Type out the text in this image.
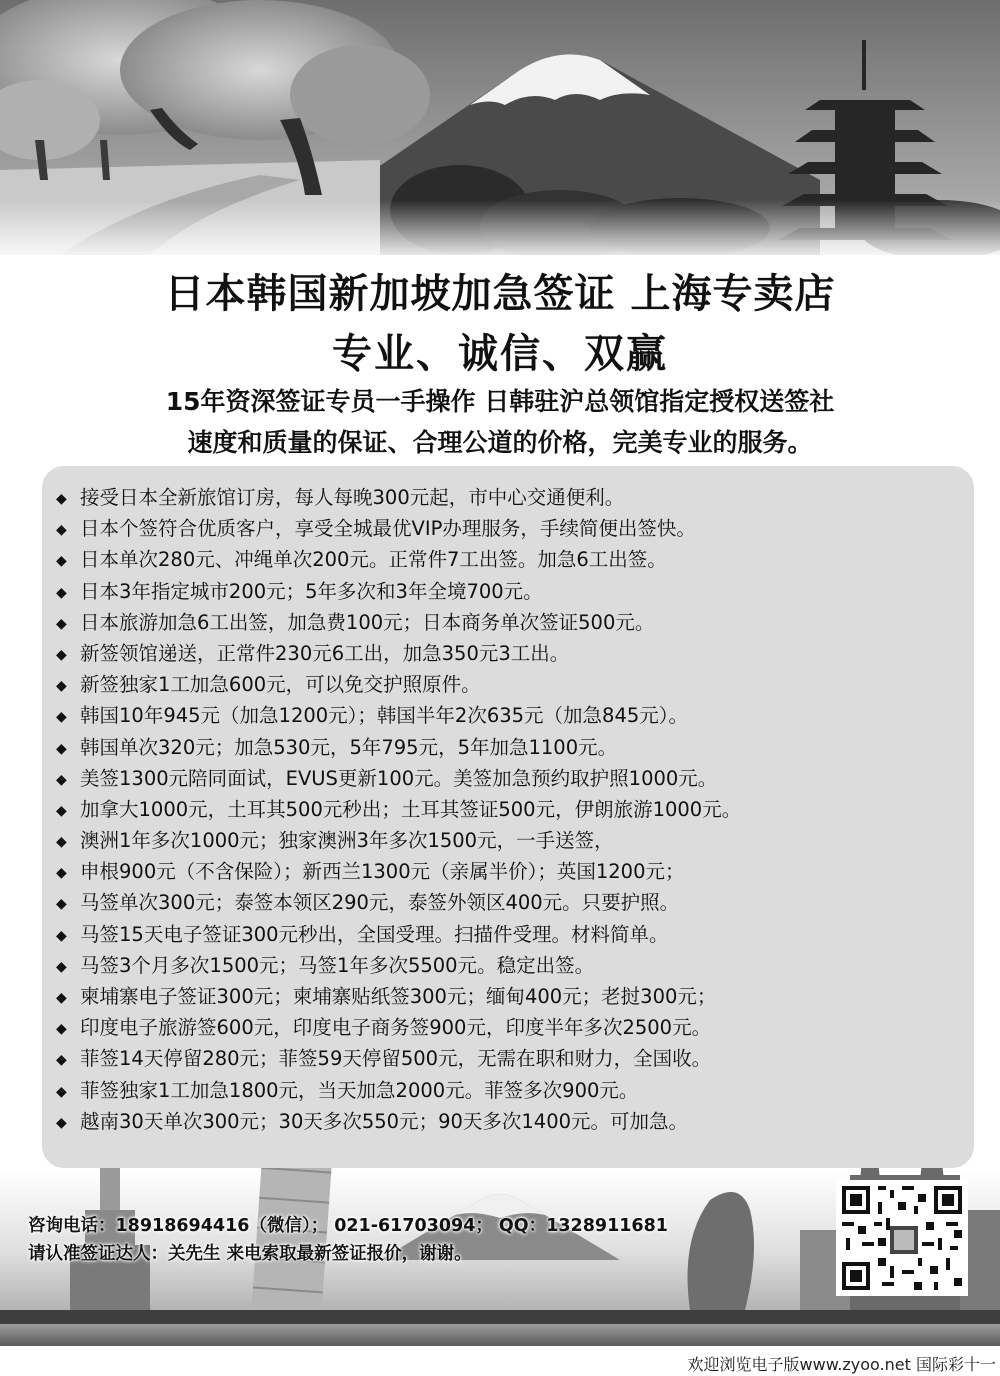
日本韩国新加坡加急签证 上海专卖店
专业、诚信、双赢
15年资深签证专员一手操作 日韩驻沪总领馆指定授权送签社
速度和质量的保证、合理公道的价格，完美专业的服务。
◆ 接受日本全新旅馆订房，每人每晚300元起，市中心交通便利。
◆ 日本个签符合优质客户，享受全城最优VIP办理服务，手续简便出签快。
◆ 日本单次280元、冲绳单次200元。正常件7工出签。加急6工出签。
◆ 日本3年指定城市200元；5年多次和3年全境700元。
◆ 日本旅游加急6工出签，加急费100元；日本商务单次签证500元。
◆ 新签领馆递送，正常件230元6工出，加急350元3工出。
◆ 新签独家1工加急600元，可以免交护照原件。
◆ 韩国10年945元（加急1200元）；韩国半年2次635元（加急845元）。
◆ 韩国单次320元；加急530元，5年795元，5年加急1100元。
◆ 美签1300元陪同面试，EVUS更新100元。美签加急预约取护照1000元。
◆ 加拿大1000元，土耳其500元秒出；土耳其签证500元，伊朗旅游1000元。
◆ 澳洲1年多次1000元；独家澳洲3年多次1500元，一手送签，
◆ 申根900元（不含保险）；新西兰1300元（亲属半价）；英国1200元；
◆ 马签单次300元；泰签本领区290元，泰签外领区400元。只要护照。
◆ 马签15天电子签证300元秒出，全国受理。扫描件受理。材料简单。
◆ 马签3个月多次1500元；马签1年多次5500元。稳定出签。
◆ 柬埔寨电子签证300元；柬埔寨贴纸签300元；缅甸400元；老挝300元；
◆ 印度电子旅游签600元，印度电子商务签900元，印度半年多次2500元。
◆ 菲签14天停留280元；菲签59天停留500元，无需在职和财力，全国收。
◆ 菲签独家1工加急1800元，当天加急2000元。菲签多次900元。
◆ 越南30天单次300元；30天多次550元；90天多次1400元。可加急。
咨询电话：18918694416（微信）； 021-61703094； QQ：1328911681
请认准签证达人：关先生 来电索取最新签证报价，谢谢。
欢迎浏览电子版www.zyoo.net 国际彩十一
